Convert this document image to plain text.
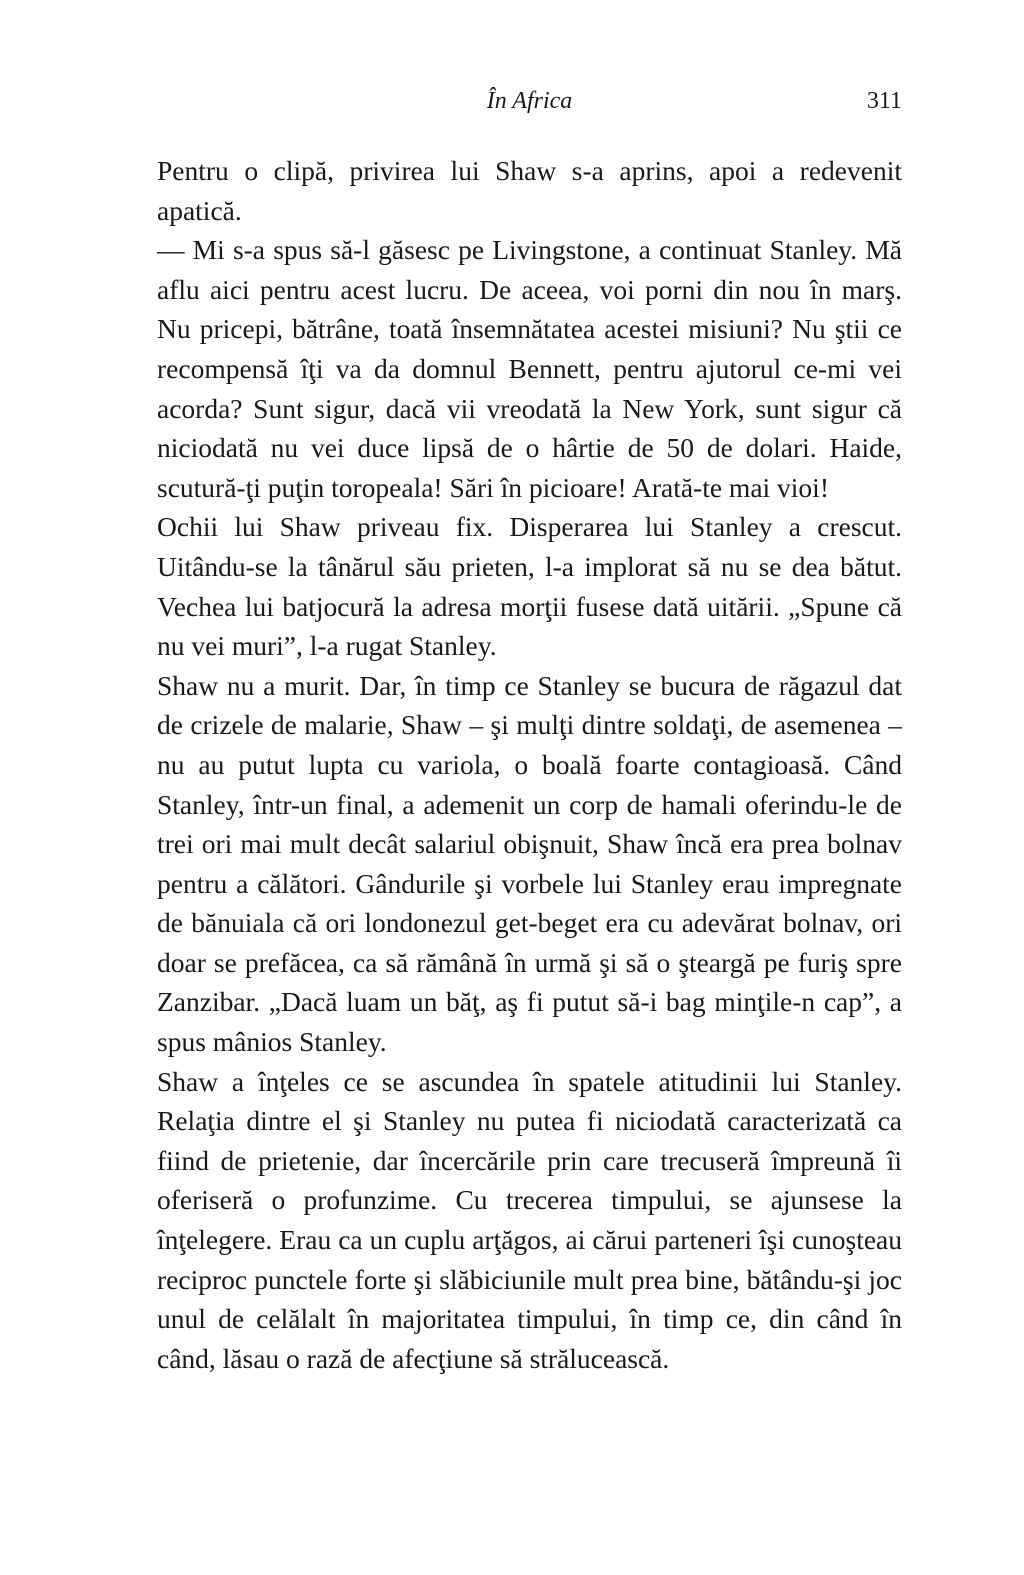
În Africa	311

Pentru o clipă, privirea lui Shaw s-a aprins, apoi a redevenit apatică.

— Mi s-a spus să-l găsesc pe Livingstone, a continuat Stanley. Mă aflu aici pentru acest lucru. De aceea, voi porni din nou în marş. Nu pricepi, bătrâne, toată însemnătatea acestei misiuni? Nu ştii ce recompensă îţi va da domnul Bennett, pentru ajutorul ce-mi vei acorda? Sunt sigur, dacă vii vreodată la New York, sunt sigur că niciodată nu vei duce lipsă de o hârtie de 50 de dolari. Haide, scutură-ţi puţin toropeala! Sări în picioare! Arată-te mai vioi!

Ochii lui Shaw priveau fix. Disperarea lui Stanley a crescut. Uitându-se la tânărul său prieten, l-a implorat să nu se dea bătut. Vechea lui batjocură la adresa morţii fusese dată uitării. „Spune că nu vei muri”, l-a rugat Stanley.

Shaw nu a murit. Dar, în timp ce Stanley se bucura de răgazul dat de crizele de malarie, Shaw – şi mulţi dintre soldaţi, de asemenea – nu au putut lupta cu variola, o boală foarte contagioasă. Când Stanley, într-un final, a ademenit un corp de hamali oferindu-le de trei ori mai mult decât salariul obişnuit, Shaw încă era prea bolnav pentru a călători. Gândurile şi vorbele lui Stanley erau impregnate de bănuiala că ori londonezul get-beget era cu adevărat bolnav, ori doar se prefăcea, ca să rămână în urmă şi să o şteargă pe furiş spre Zanzibar. „Dacă luam un băţ, aş fi putut să-i bag minţile-n cap”, a spus mânios Stanley.

Shaw a înţeles ce se ascundea în spatele atitudinii lui Stanley. Relaţia dintre el şi Stanley nu putea fi niciodată caracterizată ca fiind de prietenie, dar încercările prin care trecuseră împreună îi oferiseră o profunzime. Cu trecerea timpului, se ajunsese la înţelegere. Erau ca un cuplu arţăgos, ai cărui parteneri îşi cunoşteau reciproc punctele forte şi slăbiciunile mult prea bine, bătându-şi joc unul de celălalt în majoritatea timpului, în timp ce, din când în când, lăsau o rază de afecţiune să strălucească.
